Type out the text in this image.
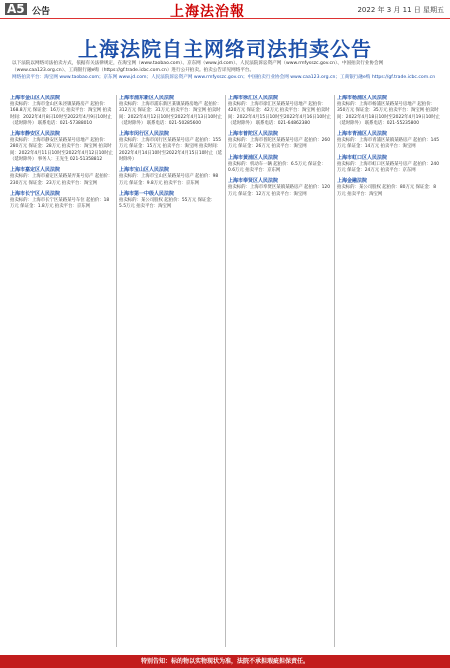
A5 公告	上海法治報	2022 年 3 月 11 日 星期五
上海法院自主网络司法拍卖公告
以下法院以网络司法拍卖方式，依据有关法律规定，在淘宝网（www.taobao.com）、京东网（www.jd.com）、人民法院诉讼资产网（www.rmfysszc.gov.cn）、中国拍卖行业协会网（www.caa123.org.cn）、工商银行融e购（https://gf.trade.icbc.com.cn）进行公开拍卖。拍卖公告详见网络平台。
网络拍卖平台：淘宝网 www.taobao.com；京东网 www.jd.com；人民法院诉讼资产网 www.rmfysszc.gov.cn；中国拍卖行业协会网 www.caa123.org.cn；工商银行融e购 https://gf.trade.icbc.com.cn
上海市金山区人民法院
拍卖标的：上海市金山区朱泾镇某路房产 起拍价：168.8万元 保证金：16万元 拍卖平台：淘宝网 拍卖时间：2022年4月8日10时至2022年4月9日10时止（延时除外） 联系电话：021-57388010
上海市静安区人民法院
拍卖标的：上海市静安区某路某号房地产 起拍价：280万元 保证金：28万元 拍卖平台：淘宝网 拍卖时间：2022年4月11日10时至2022年4月12日10时止（延时除外） 事务人：王先生 021-51358812
上海市嘉定区人民法院
拍卖标的：上海市嘉定区某路某弄某号房产 起拍价：230万元 保证金：23万元 拍卖平台：淘宝网
上海市长宁区人民法院
拍卖标的：上海市长宁区某路某号车位 起拍价：18万元 保证金：1.8万元 拍卖平台：京东网
上海市浦东新区人民法院
拍卖标的：上海市浦东新区某镇某路房地产 起拍价：312万元 保证金：31万元 拍卖平台：淘宝网 拍卖时间：2022年4月12日10时至2022年4月13日10时止（延时除外） 联系电话：021-50285600
上海市闵行区人民法院
拍卖标的：上海市闵行区某路某号房产 起拍价：155万元 保证金：15万元 拍卖平台：淘宝网 拍卖时间：2022年4月14日10时至2022年4月15日10时止（延时除外）
上海市宝山区人民法院
拍卖标的：上海市宝山区某路某号房产 起拍价：98万元 保证金：9.8万元 拍卖平台：京东网
上海市第一中级人民法院
拍卖标的：某公司股权 起拍价：55万元 保证金：5.5万元 拍卖平台：淘宝网
上海市徐汇区人民法院
拍卖标的：上海市徐汇区某路某号房地产 起拍价：420万元 保证金：42万元 拍卖平台：淘宝网 拍卖时间：2022年4月15日10时至2022年4月16日10时止（延时除外） 联系电话：021-64862380
上海市普陀区人民法院
拍卖标的：上海市普陀区某路某号房产 起拍价：260万元 保证金：26万元 拍卖平台：淘宝网
上海市黄浦区人民法院
拍卖标的：机动车一辆 起拍价：6.5万元 保证金：0.6万元 拍卖平台：京东网
上海市奉贤区人民法院
拍卖标的：上海市奉贤区某镇某路房产 起拍价：120万元 保证金：12万元 拍卖平台：淘宝网
上海市杨浦区人民法院
拍卖标的：上海市杨浦区某路某号房地产 起拍价：350万元 保证金：35万元 拍卖平台：淘宝网 拍卖时间：2022年4月18日10时至2022年4月19日10时止（延时除外） 联系电话：021-55235800
上海市青浦区人民法院
拍卖标的：上海市青浦区某镇某路房产 起拍价：145万元 保证金：14万元 拍卖平台：淘宝网
上海市虹口区人民法院
拍卖标的：上海市虹口区某路某号房产 起拍价：240万元 保证金：24万元 拍卖平台：京东网
上海金融法院
拍卖标的：某公司股权 起拍价：80万元 保证金：8万元 拍卖平台：淘宝网
特别告知：标的物以实物现状为准，法院不承担瑕疵担保责任。
